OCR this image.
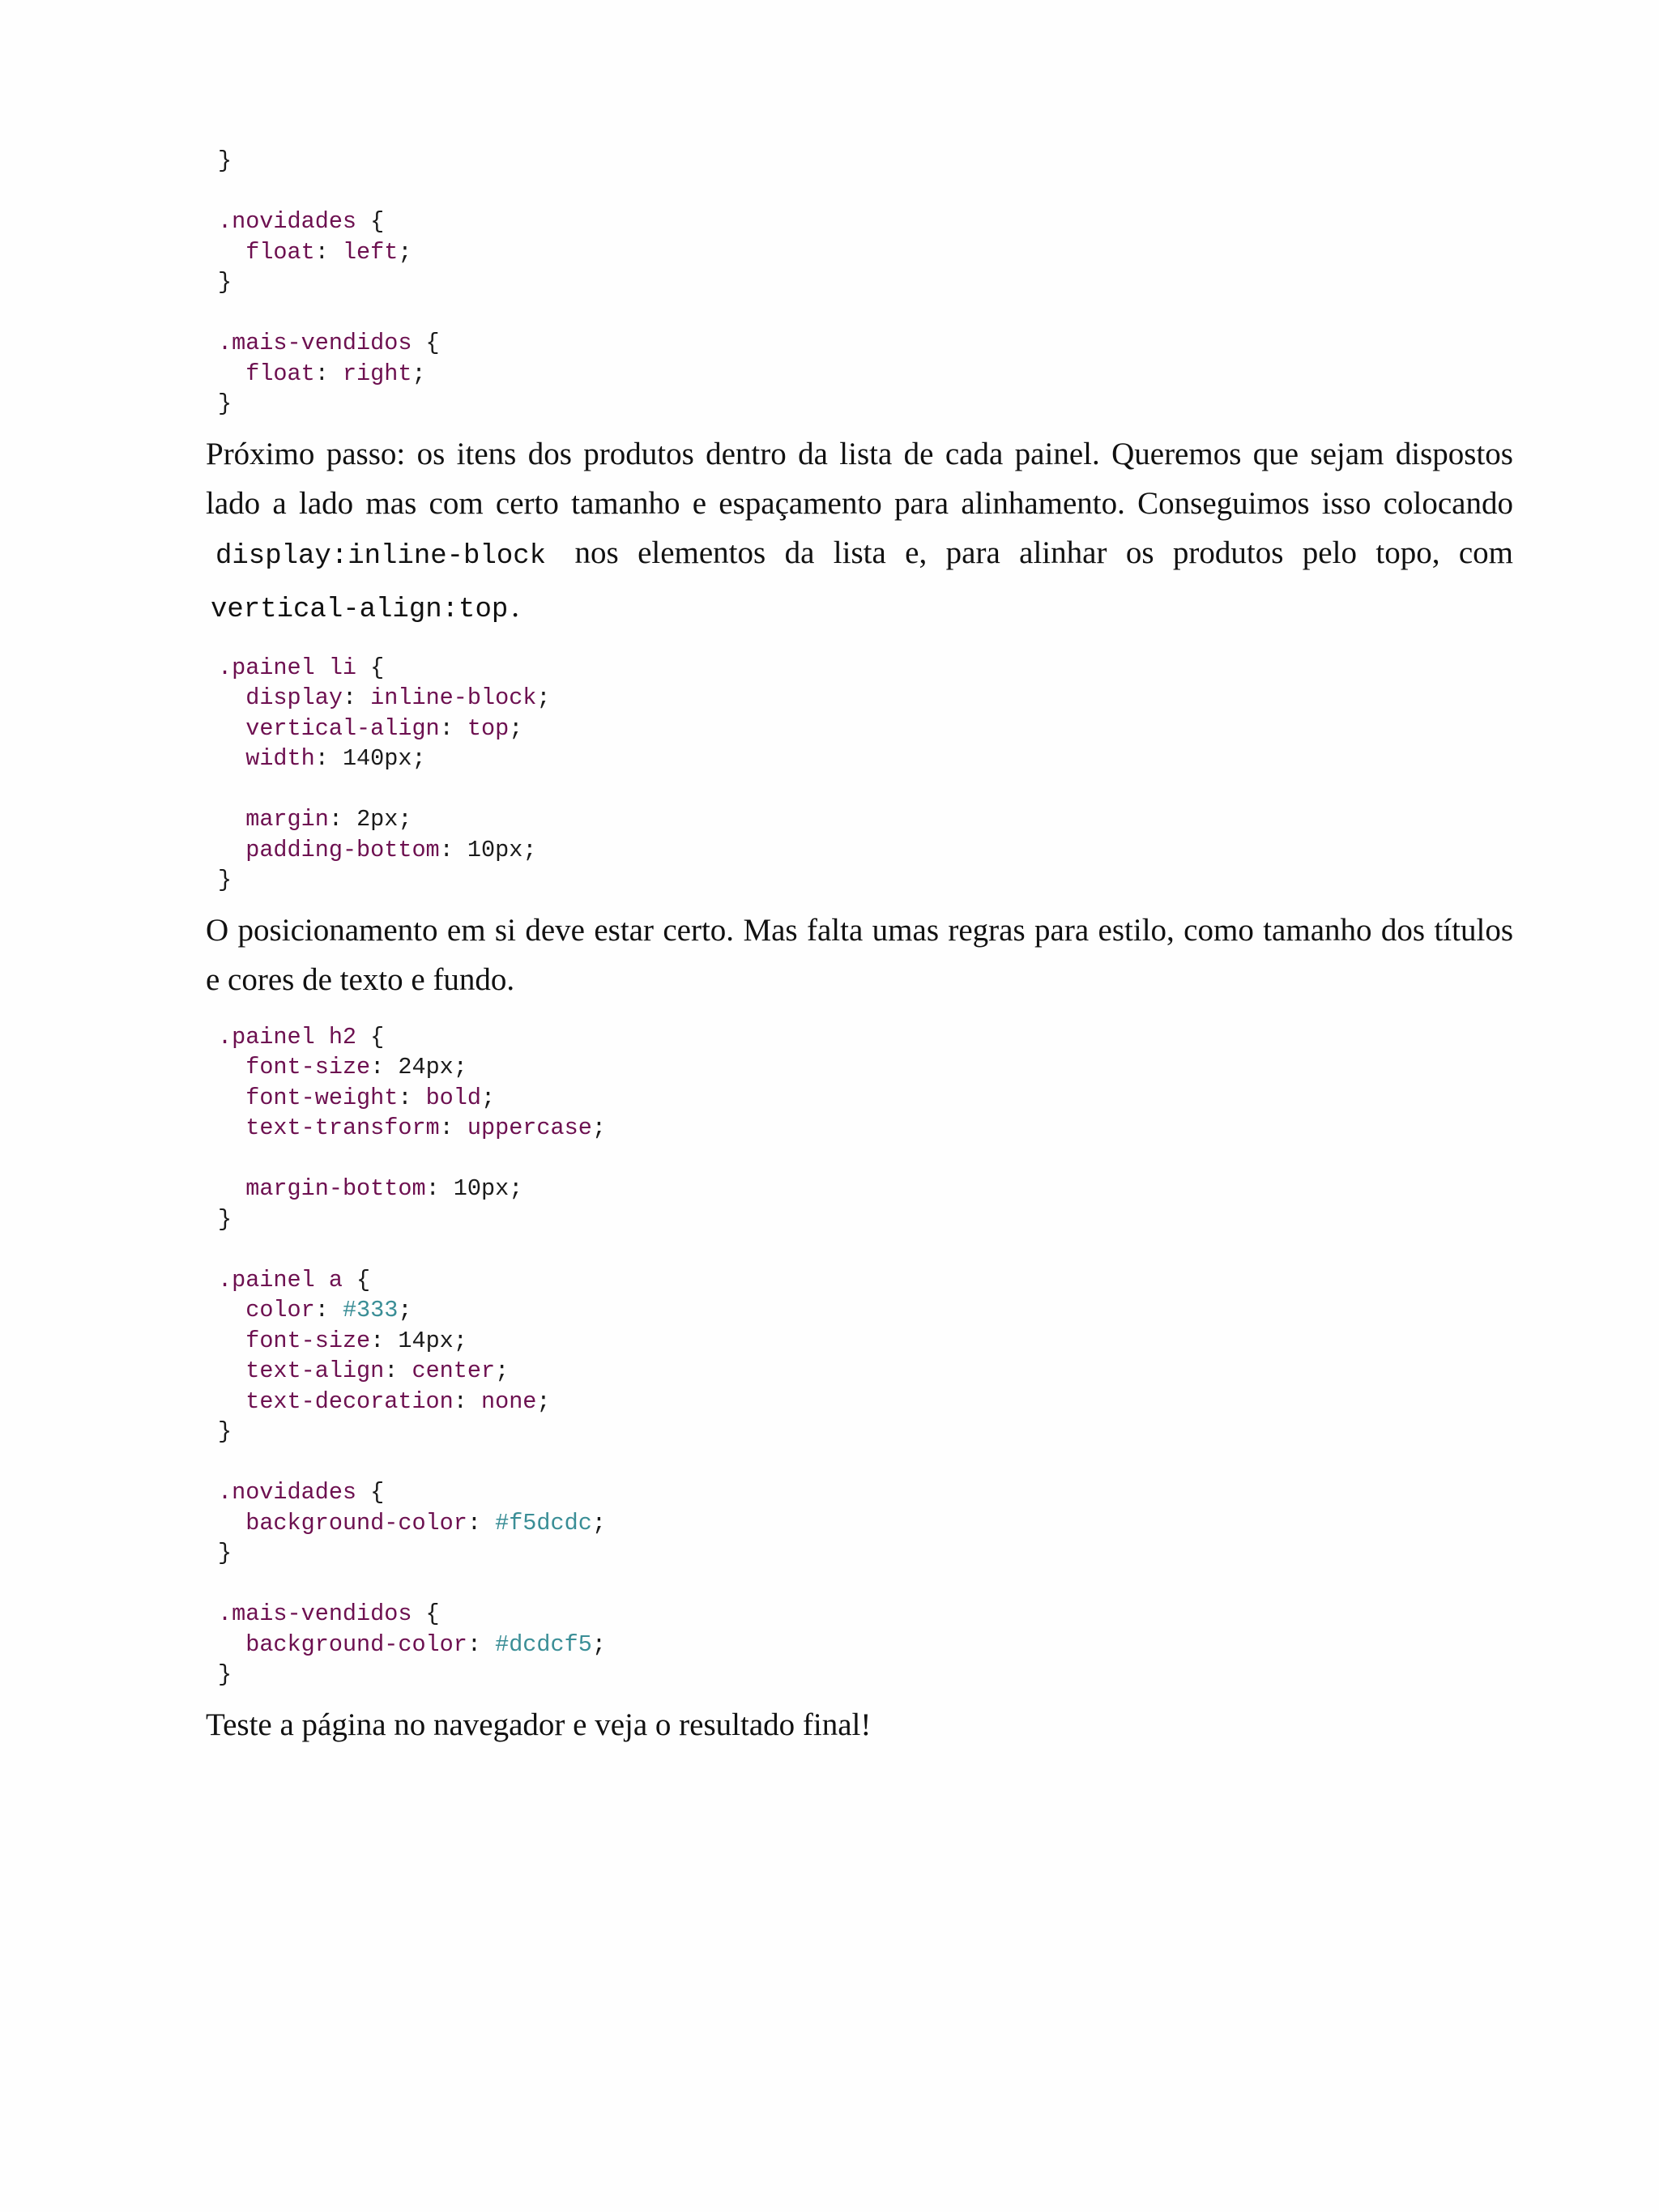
}
.novidades {
float: left;
}
.mais-vendidos {
float: right;
}

Próximo passo: os itens dos produtos dentro da lista de cada painel. Queremos que sejam dispostos lado a lado mas com certo tamanho e espaçamento para alinhamento. Conseguimos isso colocando display:inline-block nos elementos da lista e, para alinhar os produtos pelo topo, com vertical-align:top .

.painel li {
display: inline-block;
vertical-align: top;
width: 140px;
margin: 2px;
padding-bottom: 10px;
}

O posicionamento em si deve estar certo. Mas falta umas regras para estilo, como tamanho dos títulos e cores de texto e fundo.

.painel h2 {
font-size: 24px;
font-weight: bold;
text-transform: uppercase;
margin-bottom: 10px;
}
.painel a {
color: #333;
font-size: 14px;
text-align: center;
text-decoration: none;
}
.novidades {
background-color: #f5dcdc;
}
.mais-vendidos {
background-color: #dcdcf5;
}

Teste a página no navegador e veja o resultado final!
